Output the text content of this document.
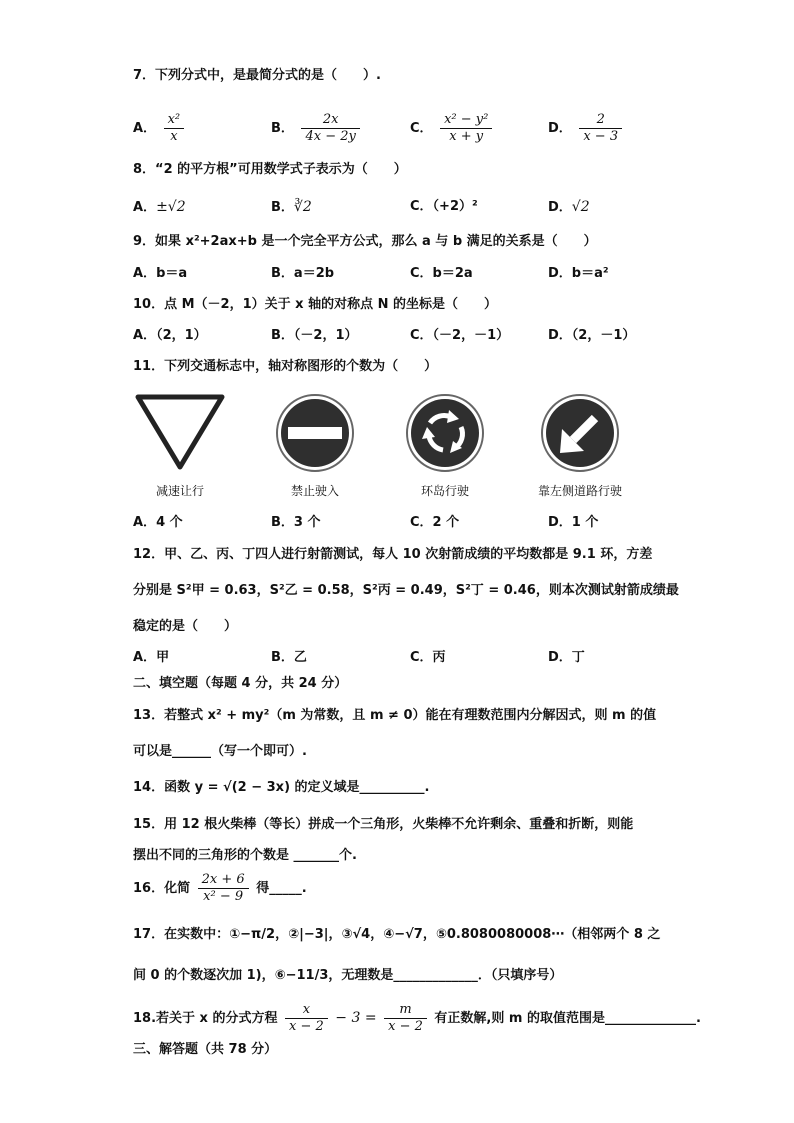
7．下列分式中，是最简分式的是（　　）.
A． $\frac{\text{x²}}{x}$	B． $\frac{2x}{4x - 2y}$	C． $\frac{\text{x² − y²}}{x + y}$	D． $\frac{2}{x - 3}$
8．“2 的平方根”可用数学式子表示为（　　）
A．±√2	B．∛2	C．（+2）²	D．√2
9．如果 x²+2ax+b 是一个完全平方公式，那么 a 与 b 满足的关系是（　　）
A．b＝a	B．a＝2b	C．b＝2a	D．b＝a²
10．点 M（－2，1）关于 x 轴的对称点 N 的坐标是（　　）
A．（2，1）	B．（－2，1）	C．（－2，－1）	D．（2，－1）
11．下列交通标志中，轴对称图形的个数为（　　）
减速让行	禁止驶入	环岛行驶	靠左侧道路行驶
A．4 个	B．3 个	C．2 个	D．1 个
12．甲、乙、丙、丁四人进行射箭测试，每人 10 次射箭成绩的平均数都是 9.1 环，方差
分别是 S²甲 = 0.63，S²乙 = 0.58，S²丙 = 0.49，S²丁 = 0.46，则本次测试射箭成绩最
稳定的是（　　）
A．甲	B．乙	C．丙	D．丁
二、填空题（每题 4 分，共 24 分）
13．若整式 x² + my²（m 为常数，且 m ≠ 0）能在有理数范围内分解因式，则 m 的值
可以是______（写一个即可）.
14．函数 y = √(2 − 3x) 的定义域是__________.
15．用 12 根火柴棒（等长）拼成一个三角形，火柴棒不允许剩余、重叠和折断，则能
摆出不同的三角形的个数是 _______个.
16．化简 $\frac{2x + 6}{\text{x² − 9}}$ 得_____.
17．在实数中：①−π/2，②|−3|，③√4，④−√7，⑤0.8080080008⋯（相邻两个 8 之
间 0 的个数逐次加 1)，⑥−11/3，无理数是_____________．（只填序号）
18.若关于 x 的分式方程 $\frac{x}{x - 2} - 3 = \frac{m}{x - 2}$ 有正数解,则 m 的取值范围是______________.
三、解答题（共 78 分）
